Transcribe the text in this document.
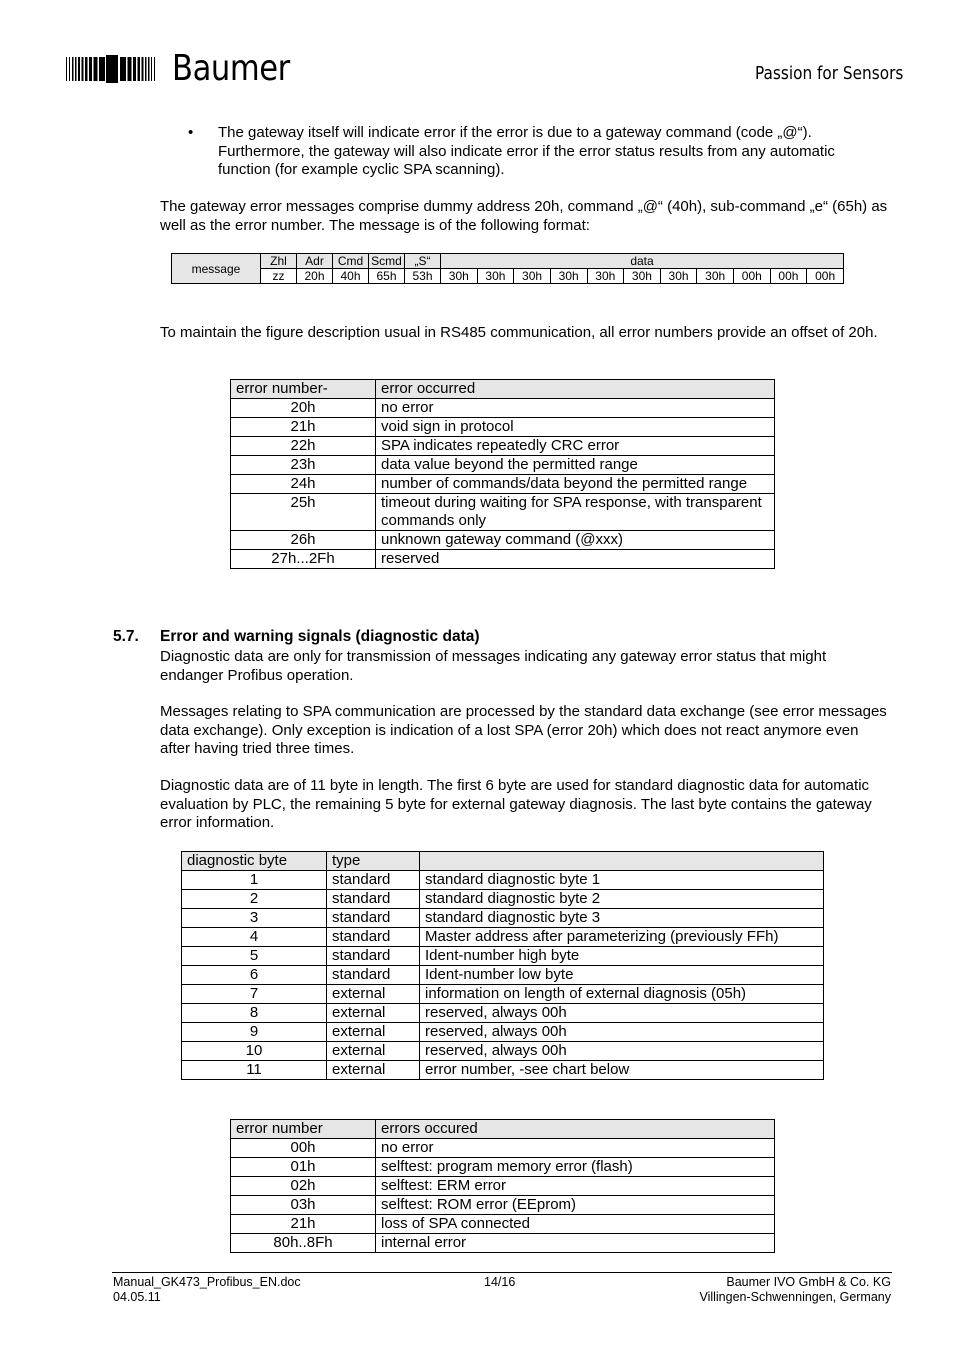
Baumer	Passion for Sensors
• The gateway itself will indicate error if the error is due to a gateway command (code „@“). Furthermore, the gateway will also indicate error if the error status results from any automatic function (for example cyclic SPA scanning).

The gateway error messages comprise dummy address 20h, command „@“ (40h), sub-command „e“ (65h) as well as the error number. The message is of the following format:

message	Zhl	Adr	Cmd	Scmd	„S“	data										
	zz	20h	40h	65h	53h	30h	30h	30h	30h	30h	30h	30h	30h	00h	00h	00h

To maintain the figure description usual in RS485 communication, all error numbers provide an offset of 20h.

error number-	error occurred
20h	no error
21h	void sign in protocol
22h	SPA indicates repeatedly CRC error
23h	data value beyond the permitted range
24h	number of commands/data beyond the permitted range
25h	timeout during waiting for SPA response, with transparent commands only
26h	unknown gateway command (@xxx)
27h...2Fh	reserved
5.7. Error and warning signals (diagnostic data)

Diagnostic data are only for transmission of messages indicating any gateway error status that might endanger Profibus operation.

Messages relating to SPA communication are processed by the standard data exchange (see error messages data exchange). Only exception is indication of a lost SPA (error 20h) which does not react anymore even after having tried three times.

Diagnostic data are of 11 byte in length. The first 6 byte are used for standard diagnostic data for automatic evaluation by PLC, the remaining 5 byte for external gateway diagnosis. The last byte contains the gateway error information.

diagnostic byte	type	
1	standard	standard diagnostic byte 1
2	standard	standard diagnostic byte 2
3	standard	standard diagnostic byte 3
4	standard	Master address after parameterizing (previously FFh)
5	standard	Ident-number high byte
6	standard	Ident-number low byte
7	external	information on length of external diagnosis (05h)
8	external	reserved, always 00h
9	external	reserved, always 00h
10	external	reserved, always 00h
11	external	error number, -see chart below
error number	errors occured
00h	no error
01h	selftest: program memory error (flash)
02h	selftest: ERM error
03h	selftest: ROM error (EEprom)
21h	loss of SPA connected
80h..8Fh	internal error
Manual_GK473_Profibus_EN.doc
04.05.11
14/16	Baumer IVO GmbH & Co. KG
Villingen-Schwenningen, Germany
